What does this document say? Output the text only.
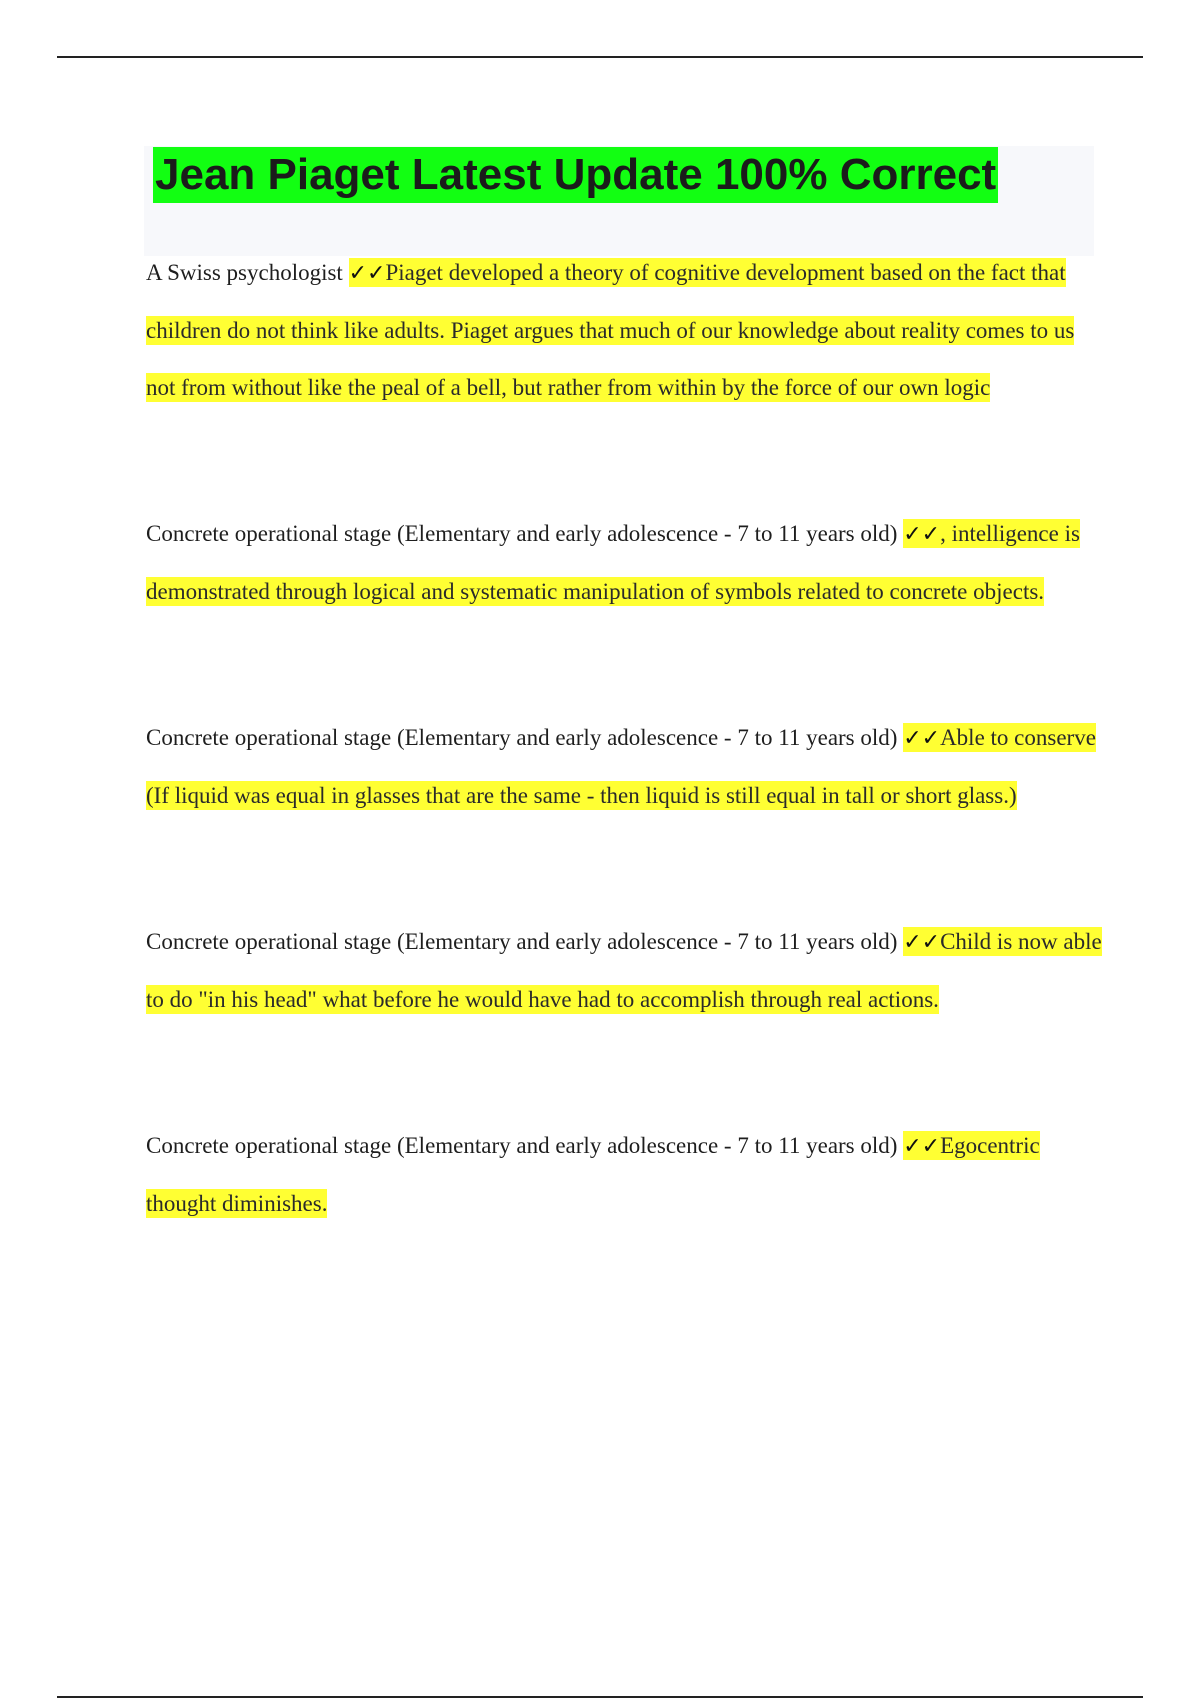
Jean Piaget Latest Update 100% Correct

A Swiss psychologist ✓✓Piaget developed a theory of cognitive development based on the fact that children do not think like adults. Piaget argues that much of our knowledge about reality comes to us not from without like the peal of a bell, but rather from within by the force of our own logic

Concrete operational stage (Elementary and early adolescence - 7 to 11 years old) ✓✓, intelligence is demonstrated through logical and systematic manipulation of symbols related to concrete objects.

Concrete operational stage (Elementary and early adolescence - 7 to 11 years old) ✓✓Able to conserve (If liquid was equal in glasses that are the same - then liquid is still equal in tall or short glass.)

Concrete operational stage (Elementary and early adolescence - 7 to 11 years old) ✓✓Child is now able to do "in his head" what before he would have had to accomplish through real actions.

Concrete operational stage (Elementary and early adolescence - 7 to 11 years old) ✓✓Egocentric thought diminishes.
